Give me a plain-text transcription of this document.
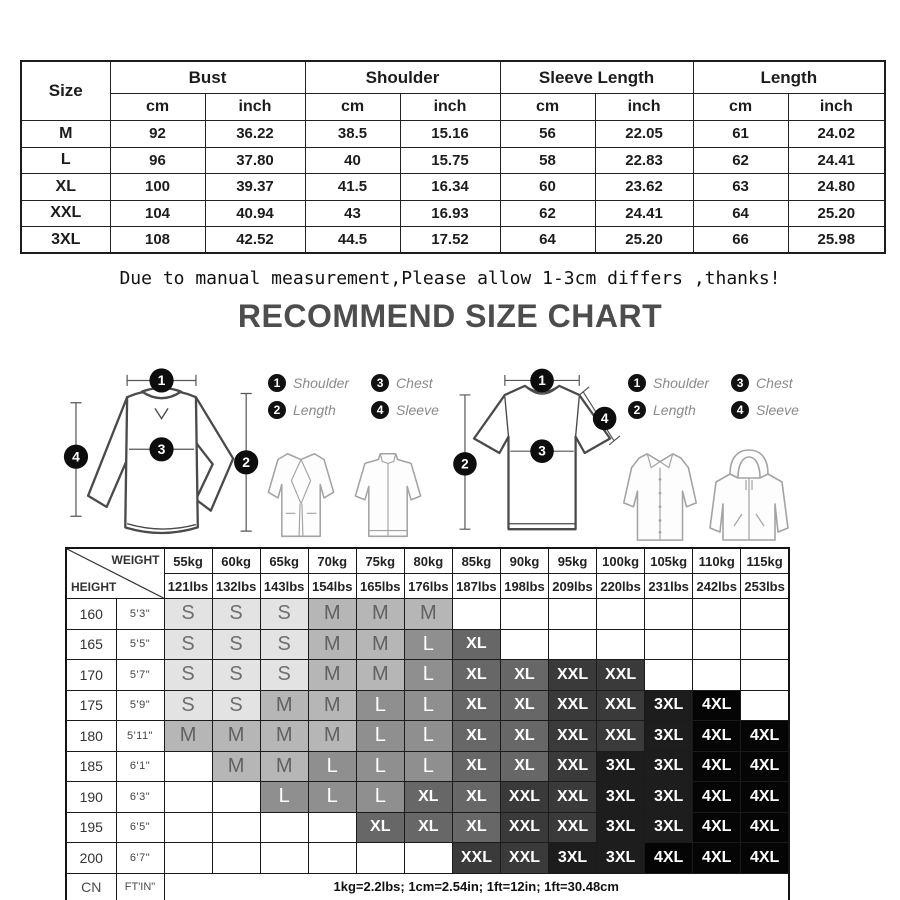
Size	Bust		Shoulder		Sleeve Length		Length	
	cm	inch	cm	inch	cm	inch	cm	inch
M	92	36.22	38.5	15.16	56	22.05	61	24.02
L	96	37.80	40	15.75	58	22.83	62	24.41
XL	100	39.37	41.5	16.34	60	23.62	63	24.80
XXL	104	40.94	43	16.93	62	24.41	64	25.20
3XL	108	42.52	44.5	17.52	64	25.20	66	25.98
Due to manual measurement,Please allow 1-3cm differs ,thanks!
RECOMMEND SIZE CHART
1
3
4	2
1 Shoulder	3 Chest
2 Length	4 Sleeve
1
2
3
4
1 Shoulder	3 Chest
2 Length	4 Sleeve
WEIGHT
HEIGHT		55kg	60kg	65kg	70kg	75kg	80kg	85kg	90kg	95kg	100kg	105kg	110kg	115kg
		121lbs	132lbs	143lbs	154lbs	165lbs	176lbs	187lbs	198lbs	209lbs	220lbs	231lbs	242lbs	253lbs
160	5'3"	S	S	S	M	M	M							
165	5'5"	S	S	S	M	M	L	XL						
170	5'7"	S	S	S	M	M	L	XL	XL	XXL	XXL			
175	5'9"	S	S	M	M	L	L	XL	XL	XXL	XXL	3XL	4XL	
180	5'11"	M	M	M	M	L	L	XL	XL	XXL	XXL	3XL	4XL	4XL
185	6'1"		M	M	L	L	L	XL	XL	XXL	3XL	3XL	4XL	4XL
190	6'3"			L	L	L	XL	XL	XXL	XXL	3XL	3XL	4XL	4XL
195	6'5"					XL	XL	XL	XXL	XXL	3XL	3XL	4XL	4XL
200	6'7"							XXL	XXL	3XL	3XL	4XL	4XL	4XL
CN	FT'IN"	1kg=2.2lbs; 1cm=2.54in; 1ft=12in; 1ft=30.48cm												
